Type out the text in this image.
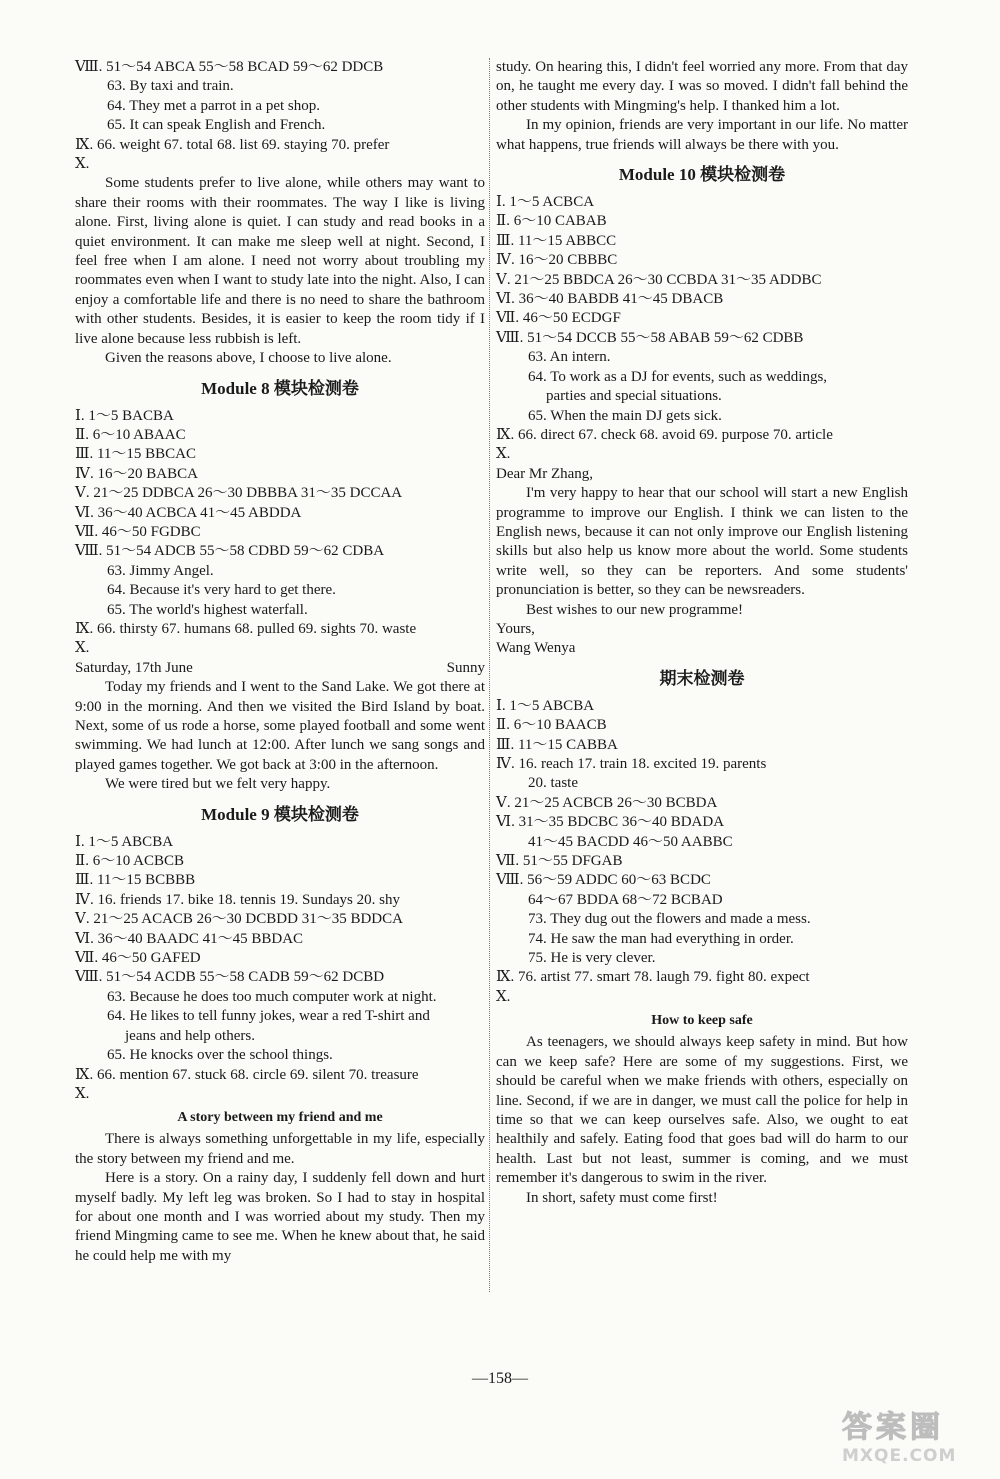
Ⅷ. 51～54 ABCA 55～58 BCAD 59～62 DDCB
63. By taxi and train.
64. They met a parrot in a pet shop.
65. It can speak English and French.
Ⅸ. 66. weight 67. total 68. list 69. staying 70. prefer
Ⅹ.
Some students prefer to live alone, while others may want to share their rooms with their roommates. The way I like is living alone. First, living alone is quiet. I can study and read books in a quiet environment. It can make me sleep well at night. Second, I feel free when I am alone. I need not worry about troubling my roommates even when I want to study late into the night. Also, I can enjoy a comfortable life and there is no need to share the bathroom with other students. Besides, it is easier to keep the room tidy if I live alone because less rubbish is left.
Given the reasons above, I choose to live alone.
Module 8 模块检测卷
Ⅰ. 1～5 BACBA
Ⅱ. 6～10 ABAAC
Ⅲ. 11～15 BBCAC
Ⅳ. 16～20 BABCA
Ⅴ. 21～25 DDBCA 26～30 DBBBA 31～35 DCCAA
Ⅵ. 36～40 ACBCA 41～45 ABDDA
Ⅶ. 46～50 FGDBC
Ⅷ. 51～54 ADCB 55～58 CDBD 59～62 CDBA
63. Jimmy Angel.
64. Because it's very hard to get there.
65. The world's highest waterfall.
Ⅸ. 66. thirsty 67. humans 68. pulled 69. sights 70. waste
Ⅹ.
Saturday, 17th June	Sunny
Today my friends and I went to the Sand Lake. We got there at 9:00 in the morning. And then we visited the Bird Island by boat. Next, some of us rode a horse, some played football and some went swimming. We had lunch at 12:00. After lunch we sang songs and played games together. We got back at 3:00 in the afternoon.
We were tired but we felt very happy.
Module 9 模块检测卷
Ⅰ. 1～5 ABCBA
Ⅱ. 6～10 ACBCB
Ⅲ. 11～15 BCBBB
Ⅳ. 16. friends 17. bike 18. tennis 19. Sundays 20. shy
Ⅴ. 21～25 ACACB 26～30 DCBDD 31～35 BDDCA
Ⅵ. 36～40 BAADC 41～45 BBDAC
Ⅶ. 46～50 GAFED
Ⅷ. 51～54 ACDB 55～58 CADB 59～62 DCBD
63. Because he does too much computer work at night.
64. He likes to tell funny jokes, wear a red T-shirt and
jeans and help others.
65. He knocks over the school things.
Ⅸ. 66. mention 67. stuck 68. circle 69. silent 70. treasure
Ⅹ.
A story between my friend and me
There is always something unforgettable in my life, especially the story between my friend and me.
Here is a story. On a rainy day, I suddenly fell down and hurt myself badly. My left leg was broken. So I had to stay in hospital for about one month and I was worried about my study. Then my friend Mingming came to see me. When he knew about that, he said he could help me with my
study. On hearing this, I didn't feel worried any more. From that day on, he taught me every day. I was so moved. I didn't fall behind the other students with Mingming's help. I thanked him a lot.
In my opinion, friends are very important in our life. No matter what happens, true friends will always be there with you.
Module 10 模块检测卷
Ⅰ. 1～5 ACBCA
Ⅱ. 6～10 CABAB
Ⅲ. 11～15 ABBCC
Ⅳ. 16～20 CBBBC
Ⅴ. 21～25 BBDCA 26～30 CCBDA 31～35 ADDBC
Ⅵ. 36～40 BABDB 41～45 DBACB
Ⅶ. 46～50 ECDGF
Ⅷ. 51～54 DCCB 55～58 ABAB 59～62 CDBB
63. An intern.
64. To work as a DJ for events, such as weddings,
parties and special situations.
65. When the main DJ gets sick.
Ⅸ. 66. direct 67. check 68. avoid 69. purpose 70. article
Ⅹ.
Dear Mr Zhang,
I'm very happy to hear that our school will start a new English programme to improve our English. I think we can listen to the English news, because it can not only improve our English listening skills but also help us know more about the world. Some students write well, so they can be reporters. And some students' pronunciation is better, so they can be newsreaders.
Best wishes to our new programme!
Yours,
Wang Wenya
期末检测卷
Ⅰ. 1～5 ABCBA
Ⅱ. 6～10 BAACB
Ⅲ. 11～15 CABBA
Ⅳ. 16. reach 17. train 18. excited 19. parents
20. taste
Ⅴ. 21～25 ACBCB 26～30 BCBDA
Ⅵ. 31～35 BDCBC 36～40 BDADA
41～45 BACDD 46～50 AABBC
Ⅶ. 51～55 DFGAB
Ⅷ. 56～59 ADDC 60～63 BCDC
64～67 BDDA 68～72 BCBAD
73. They dug out the flowers and made a mess.
74. He saw the man had everything in order.
75. He is very clever.
Ⅸ. 76. artist 77. smart 78. laugh 79. fight 80. expect
Ⅹ.
How to keep safe
As teenagers, we should always keep safety in mind. But how can we keep safe? Here are some of my suggestions. First, we should be careful when we make friends with others, especially on line. Second, if we are in danger, we must call the police for help in time so that we can keep ourselves safe. Also, we ought to eat healthily and safely. Eating food that goes bad will do harm to our health. Last but not least, summer is coming, and we must remember it's dangerous to swim in the river.
In short, safety must come first!
—158—
答案圈
MXQE.COM
